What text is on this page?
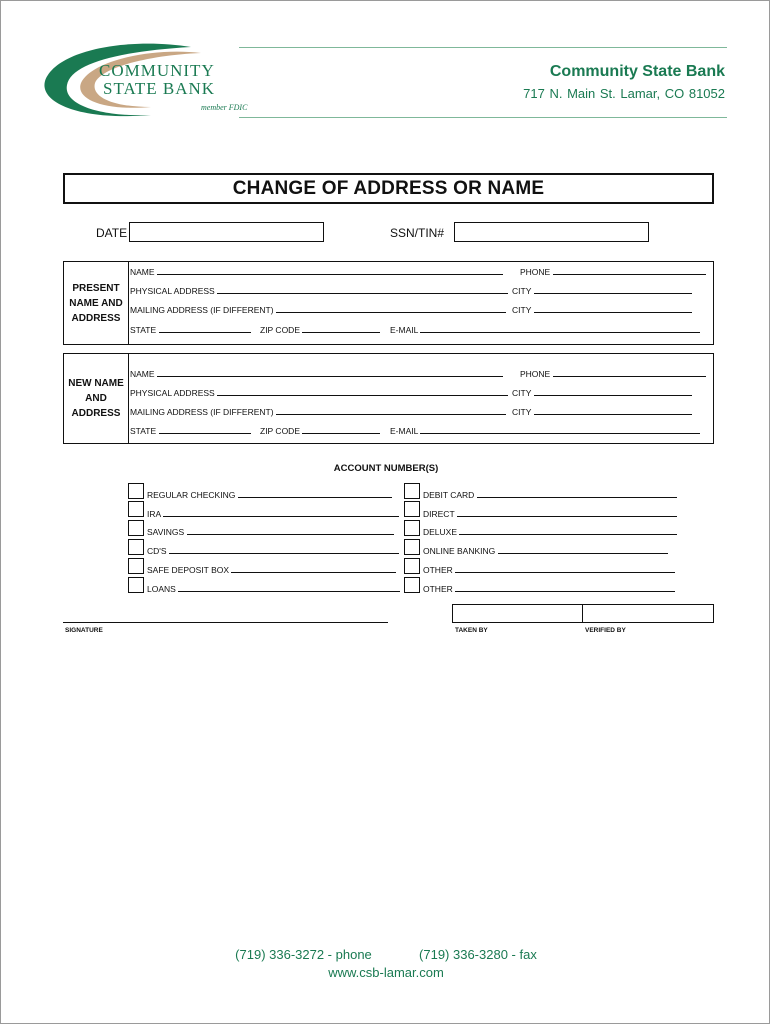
COMMUNITY
STATE BANK
member FDIC
Community State Bank
717 N. Main St. Lamar, CO 81052
CHANGE OF ADDRESS OR NAME
DATE	SSN/TIN#
PRESENT
NAME AND
ADDRESS
NAME	PHONE
PHYSICAL ADDRESS	CITY
MAILING ADDRESS (IF DIFFERENT)	CITY
STATE	ZIP CODE	E-MAIL
NEW NAME
AND
ADDRESS
NAME	PHONE
PHYSICAL ADDRESS	CITY
MAILING ADDRESS (IF DIFFERENT)	CITY
STATE	ZIP CODE	E-MAIL
ACCOUNT NUMBER(S)
REGULAR CHECKING
IRA
SAVINGS
CD'S
SAFE DEPOSIT BOX
LOANS
DEBIT CARD
DIRECT
DELUXE
ONLINE BANKING
OTHER
OTHER
SIGNATURE	TAKEN BY	VERIFIED BY
(719) 336-3272 - phone	(719) 336-3280 - fax
www.csb-lamar.com
